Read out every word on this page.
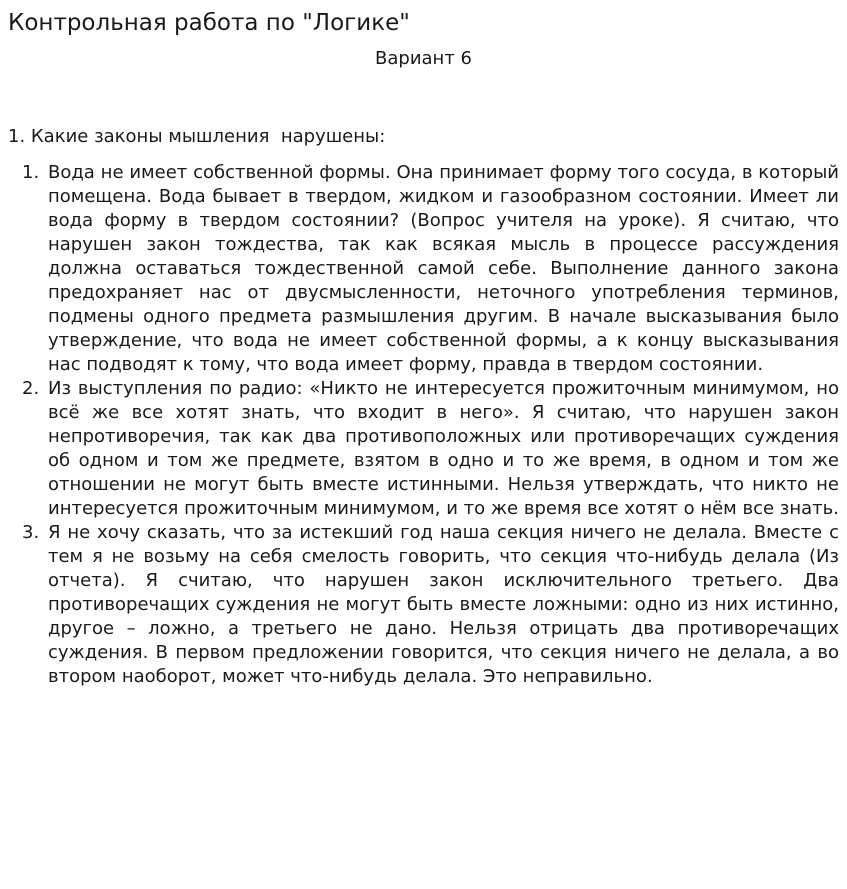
Контрольная работа по "Логике"
Вариант 6
1. Какие законы мышления  нарушены:
1. Вода не имеет собственной формы. Она принимает форму того сосуда, в который помещена. Вода бывает в твердом, жидком и газообразном состоянии. Имеет ли вода форму в твердом состоянии? (Вопрос учителя на уроке). Я считаю, что нарушен закон тождества, так как всякая мысль в процессе рассуждения должна оставаться тождественной самой себе. Выполнение данного закона предохраняет нас от двусмысленности, неточного употребления терминов, подмены одного предмета размышления другим. В начале высказывания было утверждение, что вода не имеет собственной формы, а к концу высказывания нас подводят к тому, что вода имеет форму, правда в твердом состоянии.
2. Из выступления по радио: «Никто не интересуется прожиточным минимумом, но всё же все хотят знать, что входит в него». Я считаю, что нарушен закон непротиворечия, так как два противоположных или противоречащих суждения об одном и том же предмете, взятом в одно и то же время, в одном и том же отношении не могут быть вместе истинными. Нельзя утверждать, что никто не интересуется прожиточным минимумом, и то же время все хотят о нём все знать.
3. Я не хочу сказать, что за истекший год наша секция ничего не делала. Вместе с тем я не возьму на себя смелость говорить, что секция что-нибудь делала (Из отчета). Я считаю, что нарушен закон исключительного третьего. Два противоречащих суждения не могут быть вместе ложными: одно из них истинно, другое – ложно, а третьего не дано. Нельзя отрицать два противоречащих суждения. В первом предложении говорится, что секция ничего не делала, а во втором наоборот, может что-нибудь делала. Это неправильно.
